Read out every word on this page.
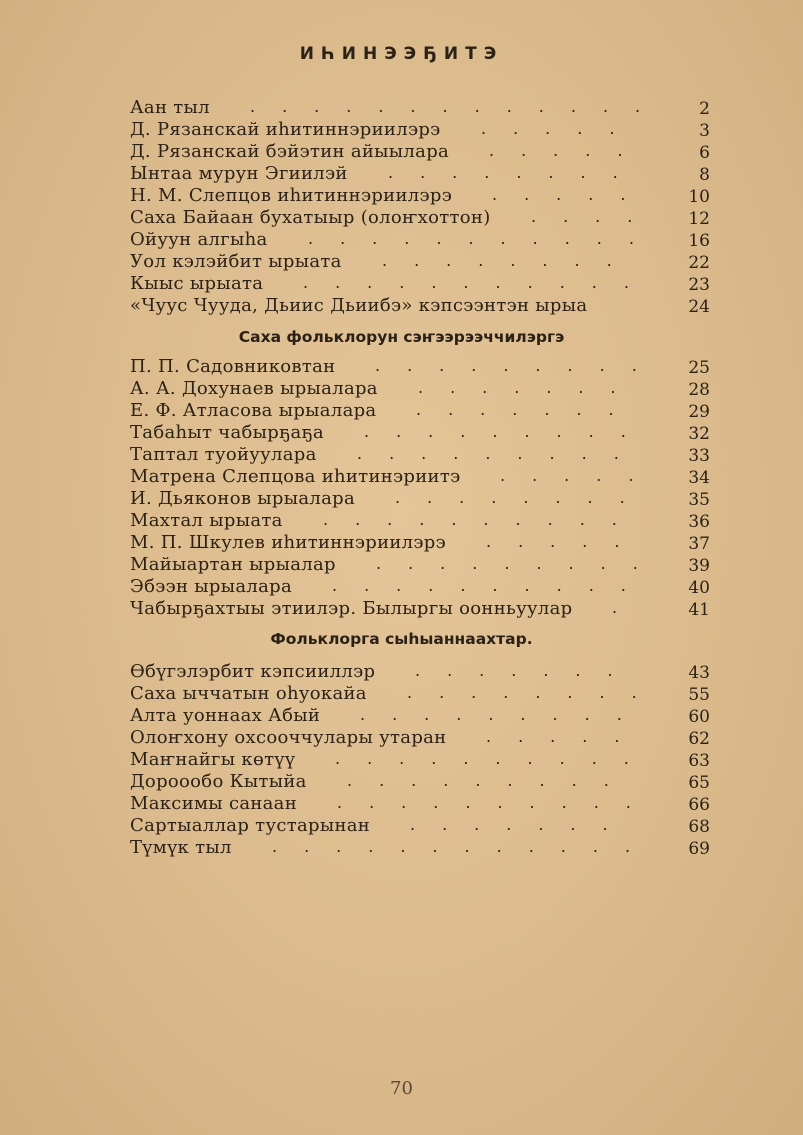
ИҺИНЭЭҔИТЭ
Аан тыл	2
.............
Д. Рязанскай иһитиннэриилэрэ	3
.....
Д. Рязанскай бэйэтин айыылара	6
.....
Ынтаа мурун Эгиилэй	8
........
Н. М. Слепцов иһитиннэриилэрэ	10
.....
Саха Байаан бухатыыр (олоҥхоттон)	12
....
Ойуун алгыһа	16
...........
Уол кэлэйбит ырыата	22
........
Кыыс ырыата	23
...........
«Чуус Чууда, Дьиис Дьиибэ» кэпсээнтэн ырыа	24
Саха фольклорун сэҥээрээччилэргэ
П. П. Садовниковтан	25
.........
А. А. Дохунаев ырыалара	28
.......
Е. Ф. Атласова ырыалара	29
.......
Табаһыт чабырҕаҕа	32
.........
Таптал туойуулара	33
.........
Матрена Слепцова иһитинэриитэ	34
.....
И. Дьяконов ырыалара	35
........
Махтал ырыата	36
..........
М. П. Шкулев иһитиннэриилэрэ	37
.....
Майыартан ырыалар	39
.........
Эбээн ырыалара	40
..........
Чабырҕахтыы этиилэр. Былыргы оонньуулар	41
.
Фольклорга сыһыаннаахтар.
Өбүгэлэрбит кэпсииллэр	43
.......
Саха ыччатын оһуокайа	55
........
Алта уоннаах Абый	60
.........
Олоҥхону охсооччулары утаран	62
.....
Маҥнайгы көтүү	63
..........
Дороообо Кытыйа	65
.........
Максимы санаан	66
..........
Сартыаллар тустарынан	68
.......
Түмүк тыл	69
............
70
